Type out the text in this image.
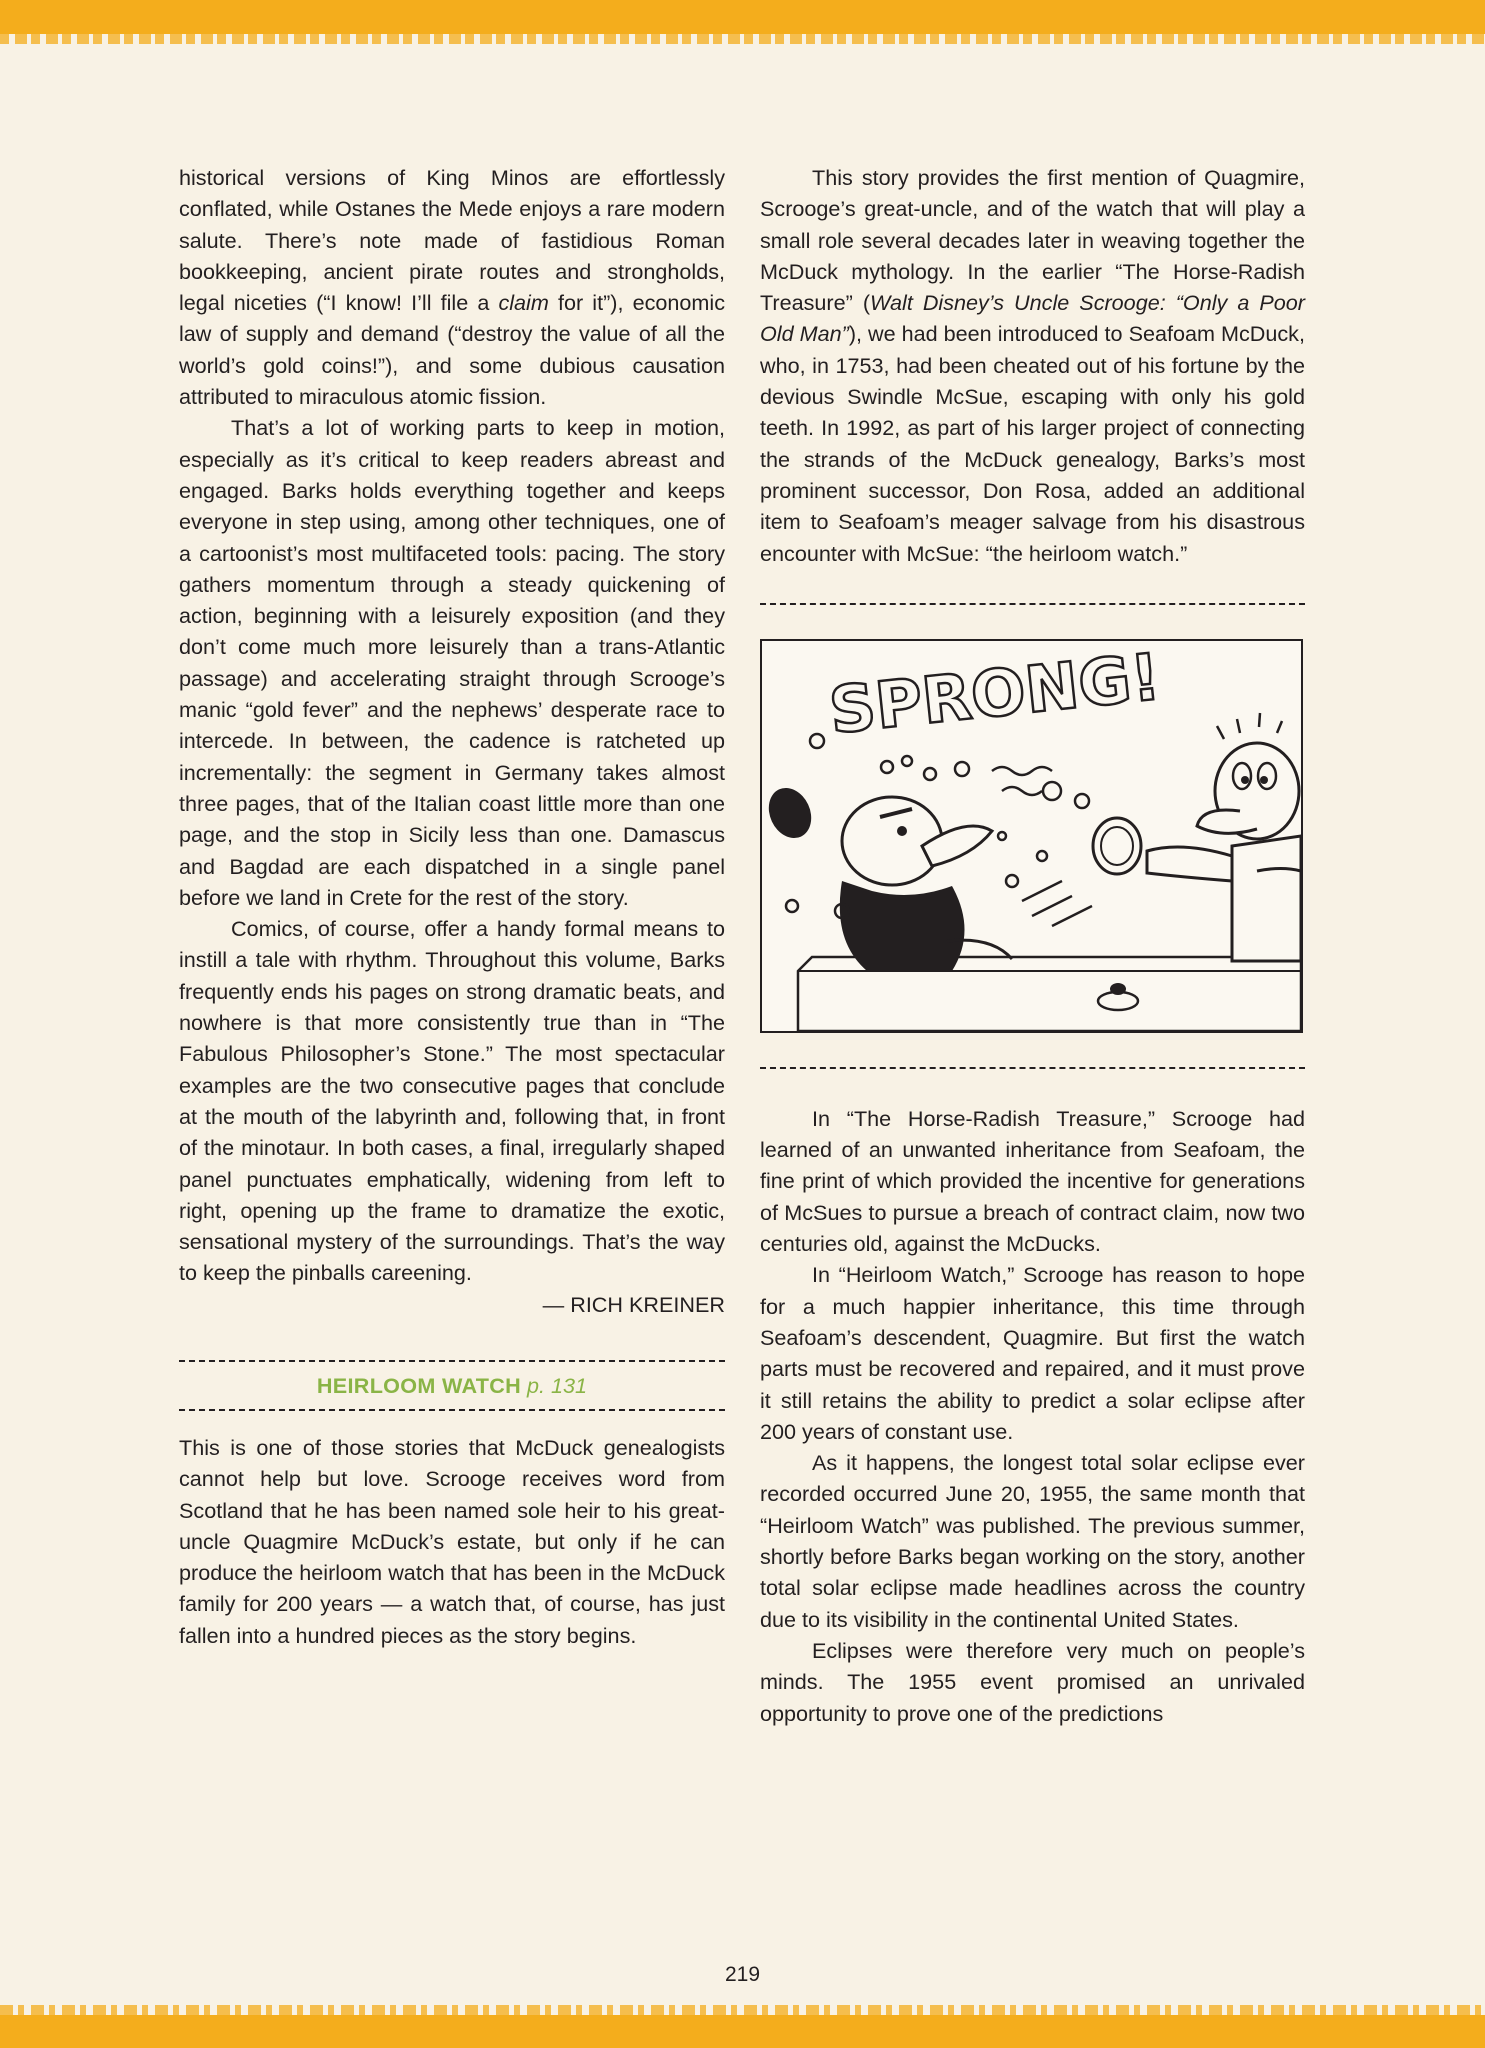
historical versions of King Minos are effortlessly conflated, while Ostanes the Mede enjoys a rare modern salute. There’s note made of fastidious Roman bookkeeping, ancient pirate routes and strongholds, legal niceties (“I know! I’ll file a claim for it”), economic law of supply and demand (“destroy the value of all the world’s gold coins!”), and some dubious causation attributed to miraculous atomic fission.

That’s a lot of working parts to keep in motion, especially as it’s critical to keep readers abreast and engaged. Barks holds everything together and keeps everyone in step using, among other techniques, one of a cartoonist’s most multifaceted tools: pacing. The story gathers momentum through a steady quickening of action, beginning with a leisurely exposition (and they don’t come much more leisurely than a trans-Atlantic passage) and accelerating straight through Scrooge’s manic “gold fever” and the nephews’ desperate race to intercede. In between, the cadence is ratcheted up incrementally: the segment in Germany takes almost three pages, that of the Italian coast little more than one page, and the stop in Sicily less than one. Damascus and Bagdad are each dispatched in a single panel before we land in Crete for the rest of the story.

Comics, of course, offer a handy formal means to instill a tale with rhythm. Throughout this volume, Barks frequently ends his pages on strong dramatic beats, and nowhere is that more consistently true than in “The Fabulous Philosopher’s Stone.” The most spectacular examples are the two consecutive pages that conclude at the mouth of the labyrinth and, following that, in front of the minotaur. In both cases, a final, irregularly shaped panel punctuates emphatically, widening from left to right, opening up the frame to dramatize the exotic, sensational mystery of the surroundings. That’s the way to keep the pinballs careening.

— RICH KREINER
HEIRLOOM WATCH p. 131

This is one of those stories that McDuck genealogists cannot help but love. Scrooge receives word from Scotland that he has been named sole heir to his great-uncle Quagmire McDuck’s estate, but only if he can produce the heirloom watch that has been in the McDuck family for 200 years — a watch that, of course, has just fallen into a hundred pieces as the story begins.

This story provides the first mention of Quagmire, Scrooge’s great-uncle, and of the watch that will play a small role several decades later in weaving together the McDuck mythology. In the earlier “The Horse-Radish Treasure” (Walt Disney’s Uncle Scrooge: “Only a Poor Old Man”), we had been introduced to Seafoam McDuck, who, in 1753, had been cheated out of his fortune by the devious Swindle McSue, escaping with only his gold teeth. In 1992, as part of his larger project of connecting the strands of the McDuck genealogy, Barks’s most prominent successor, Don Rosa, added an additional item to Seafoam’s meager salvage from his disastrous encounter with McSue: “the heirloom watch.”

SPRONG!

In “The Horse-Radish Treasure,” Scrooge had learned of an unwanted inheritance from Seafoam, the fine print of which provided the incentive for generations of McSues to pursue a breach of contract claim, now two centuries old, against the McDucks.

In “Heirloom Watch,” Scrooge has reason to hope for a much happier inheritance, this time through Seafoam’s descendent, Quagmire. But first the watch parts must be recovered and repaired, and it must prove it still retains the ability to predict a solar eclipse after 200 years of constant use.

As it happens, the longest total solar eclipse ever recorded occurred June 20, 1955, the same month that “Heirloom Watch” was published. The previous summer, shortly before Barks began working on the story, another total solar eclipse made headlines across the country due to its visibility in the continental United States.

Eclipses were therefore very much on people’s minds. The 1955 event promised an unrivaled opportunity to prove one of the predictions

219
